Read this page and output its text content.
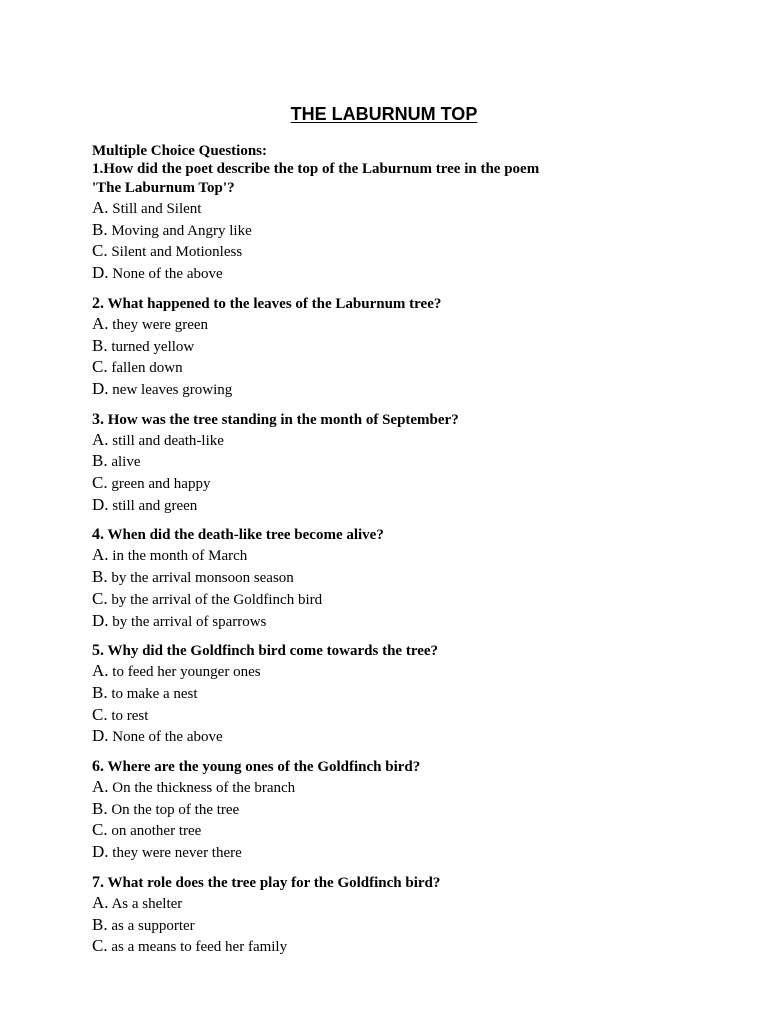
THE LABURNUM TOP

Multiple Choice Questions:

1.How did the poet describe the top of the Laburnum tree in the poem
'The Laburnum Top'?
A. Still and Silent
B. Moving and Angry like
C. Silent and Motionless
D. None of the above
2. What happened to the leaves of the Laburnum tree?
A. they were green
B. turned yellow
C. fallen down
D. new leaves growing
3. How was the tree standing in the month of September?
A. still and death-like
B. alive
C. green and happy
D. still and green
4. When did the death-like tree become alive?
A. in the month of March
B. by the arrival monsoon season
C. by the arrival of the Goldfinch bird
D. by the arrival of sparrows
5. Why did the Goldfinch bird come towards the tree?
A. to feed her younger ones
B. to make a nest
C. to rest
D. None of the above
6. Where are the young ones of the Goldfinch bird?
A. On the thickness of the branch
B. On the top of the tree
C. on another tree
D. they were never there
7. What role does the tree play for the Goldfinch bird?
A. As a shelter
B. as a supporter
C. as a means to feed her family
